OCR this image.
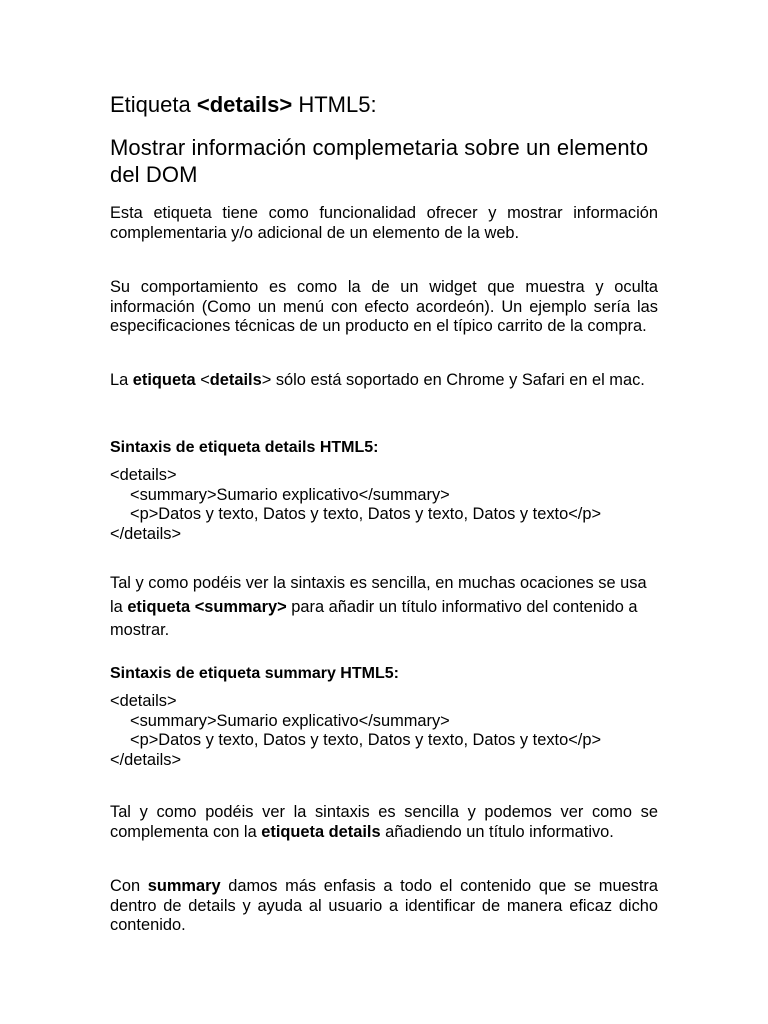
Etiqueta <details> HTML5:
Mostrar información complemetaria sobre un elemento del DOM
Esta etiqueta tiene como funcionalidad ofrecer y mostrar información complementaria y/o adicional de un elemento de la web.
Su comportamiento es como la de un widget que muestra y oculta información (Como un menú con efecto acordeón). Un ejemplo sería las especificaciones técnicas de un producto en el típico carrito de la compra.
La etiqueta <details> sólo está soportado en Chrome y Safari en el mac.
Sintaxis de etiqueta details HTML5:
<details>
<summary>Sumario explicativo</summary>
<p>Datos y texto, Datos y texto, Datos y texto, Datos y texto</p>
</details>
Tal y como podéis ver la sintaxis es sencilla, en muchas ocaciones se usa la etiqueta <summary> para añadir un título informativo del contenido a mostrar.
Sintaxis de etiqueta summary HTML5:
<details>
<summary>Sumario explicativo</summary>
<p>Datos y texto, Datos y texto, Datos y texto, Datos y texto</p>
</details>
Tal y como podéis ver la sintaxis es sencilla y podemos ver como se complementa con la etiqueta details añadiendo un título informativo.
Con summary damos más enfasis a todo el contenido que se muestra dentro de details y ayuda al usuario a identificar de manera eficaz dicho contenido.
